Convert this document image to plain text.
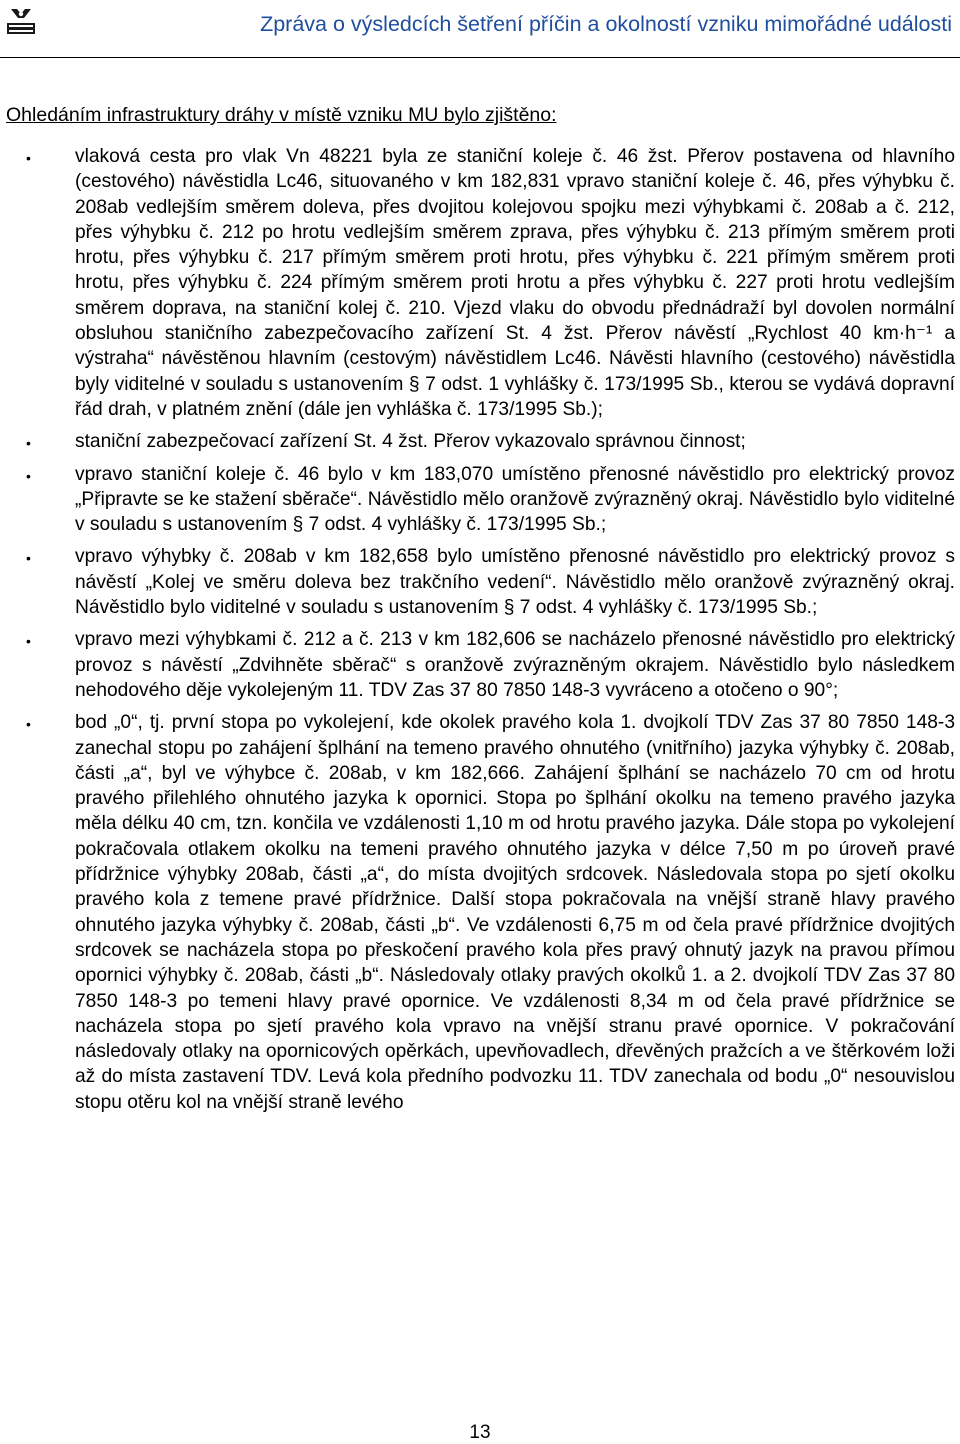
Zpráva o výsledcích šetření příčin a okolností vzniku mimořádné události
Ohledáním infrastruktury dráhy v místě vzniku MU bylo zjištěno:
• vlaková cesta pro vlak Vn 48221 byla ze staniční koleje č. 46 žst. Přerov postavena od hlavního (cestového) návěstidla Lc46, situovaného v km 182,831 vpravo staniční koleje č. 46, přes výhybku č. 208ab vedlejším směrem doleva, přes dvojitou kolejovou spojku mezi výhybkami č. 208ab a č. 212, přes výhybku č. 212 po hrotu vedlejším směrem zprava, přes výhybku č. 213 přímým směrem proti hrotu, přes výhybku č. 217 přímým směrem proti hrotu, přes výhybku č. 221 přímým směrem proti hrotu, přes výhybku č. 224 přímým směrem proti hrotu a přes výhybku č. 227 proti hrotu vedlejším směrem doprava, na staniční kolej č. 210. Vjezd vlaku do obvodu přednádraží byl dovolen normální obsluhou staničního zabezpečovacího zařízení St. 4 žst. Přerov návěstí „Rychlost 40 km·h⁻¹ a výstraha“ návěstěnou hlavním (cestovým) návěstidlem Lc46. Návěsti hlavního (cestového) návěstidla byly viditelné v souladu s ustanovením § 7 odst. 1 vyhlášky č. 173/1995 Sb., kterou se vydává dopravní řád drah, v platném znění (dále jen vyhláška č. 173/1995 Sb.);

• staniční zabezpečovací zařízení St. 4 žst. Přerov vykazovalo správnou činnost;

• vpravo staniční koleje č. 46 bylo v km 183,070 umístěno přenosné návěstidlo pro elektrický provoz „Připravte se ke stažení sběrače“. Návěstidlo mělo oranžově zvýrazněný okraj. Návěstidlo bylo viditelné v souladu s ustanovením § 7 odst. 4 vyhlášky č. 173/1995 Sb.;

• vpravo výhybky č. 208ab v km 182,658 bylo umístěno přenosné návěstidlo pro elektrický provoz s návěstí „Kolej ve směru doleva bez trakčního vedení“. Návěstidlo mělo oranžově zvýrazněný okraj. Návěstidlo bylo viditelné v souladu s ustanovením § 7 odst. 4 vyhlášky č. 173/1995 Sb.;

• vpravo mezi výhybkami č. 212 a č. 213 v km 182,606 se nacházelo přenosné návěstidlo pro elektrický provoz s návěstí „Zdvihněte sběrač“ s oranžově zvýrazněným okrajem. Návěstidlo bylo následkem nehodového děje vykolejeným 11. TDV Zas 37 80 7850 148-3 vyvráceno a otočeno o 90°;

• bod „0“, tj. první stopa po vykolejení, kde okolek pravého kola 1. dvojkolí TDV Zas 37 80 7850 148-3 zanechal stopu po zahájení šplhání na temeno pravého ohnutého (vnitřního) jazyka výhybky č. 208ab, části „a“, byl ve výhybce č. 208ab, v km 182,666. Zahájení šplhání se nacházelo 70 cm od hrotu pravého přilehlého ohnutého jazyka k opornici. Stopa po šplhání okolku na temeno pravého jazyka měla délku 40 cm, tzn. končila ve vzdálenosti 1,10 m od hrotu pravého jazyka. Dále stopa po vykolejení pokračovala otlakem okolku na temeni pravého ohnutého jazyka v délce 7,50 m po úroveň pravé přídržnice výhybky 208ab, části „a“, do místa dvojitých srdcovek. Následovala stopa po sjetí okolku pravého kola z temene pravé přídržnice. Další stopa pokračovala na vnější straně hlavy pravého ohnutého jazyka výhybky č. 208ab, části „b“. Ve vzdálenosti 6,75 m od čela pravé přídržnice dvojitých srdcovek se nacházela stopa po přeskočení pravého kola přes pravý ohnutý jazyk na pravou přímou opornici výhybky č. 208ab, části „b“. Následovaly otlaky pravých okolků 1. a 2. dvojkolí TDV Zas 37 80 7850 148-3 po temeni hlavy pravé opornice. Ve vzdálenosti 8,34 m od čela pravé přídržnice se nacházela stopa po sjetí pravého kola vpravo na vnější stranu pravé opornice. V pokračování následovaly otlaky na opornicových opěrkách, upevňovadlech, dřevěných pražcích a ve štěrkovém loži až do místa zastavení TDV. Levá kola předního podvozku 11. TDV zanechala od bodu „0“ nesouvislou stopu otěru kol na vnější straně levého

13
